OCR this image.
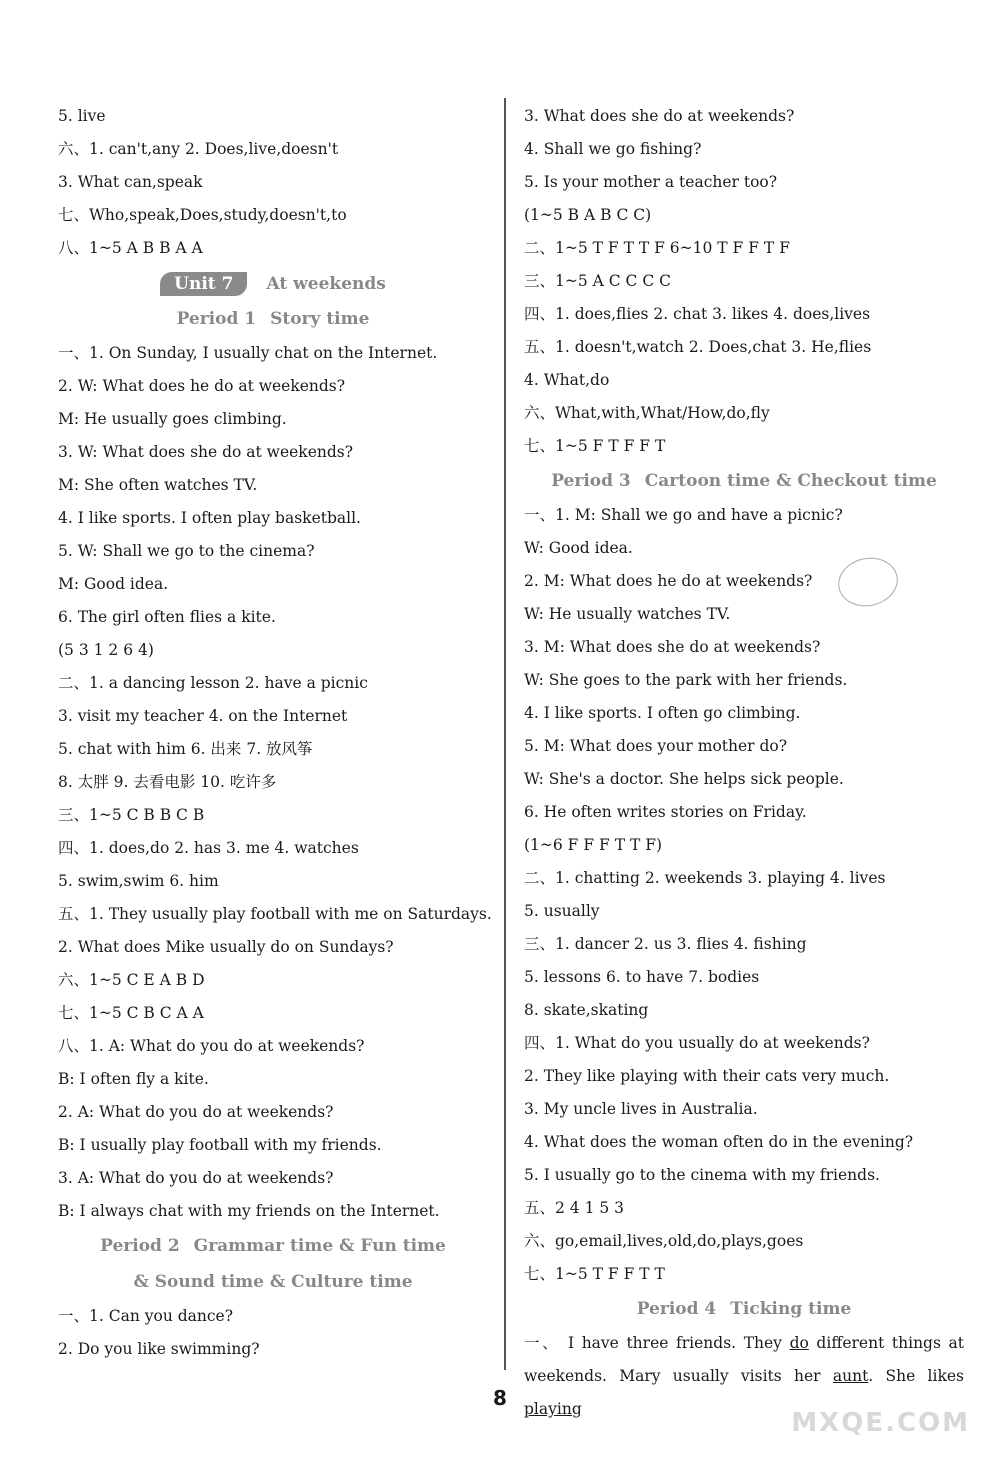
5. live
六、1. can't,any 2. Does,live,doesn't
3. What can,speak
七、Who,speak,Does,study,doesn't,to
八、1~5 A B B A A
Unit 7 At weekends
Period 1 Story time
一、1. On Sunday, I usually chat on the Internet.
2. W: What does he do at weekends?
M: He usually goes climbing.
3. W: What does she do at weekends?
M: She often watches TV.
4. I like sports. I often play basketball.
5. W: Shall we go to the cinema?
M: Good idea.
6. The girl often flies a kite.
(5 3 1 2 6 4)
二、1. a dancing lesson 2. have a picnic
3. visit my teacher 4. on the Internet
5. chat with him 6. 出来 7. 放风筝
8. 太胖 9. 去看电影 10. 吃许多
三、1~5 C B B C B
四、1. does,do 2. has 3. me 4. watches
5. swim,swim 6. him
五、1. They usually play football with me on Saturdays.
2. What does Mike usually do on Sundays?
六、1~5 C E A B D
七、1~5 C B C A A
八、1. A: What do you do at weekends?
B: I often fly a kite.
2. A: What do you do at weekends?
B: I usually play football with my friends.
3. A: What do you do at weekends?
B: I always chat with my friends on the Internet.
Period 2 Grammar time & Fun time
& Sound time & Culture time
一、1. Can you dance?
2. Do you like swimming?
3. What does she do at weekends?
4. Shall we go fishing?
5. Is your mother a teacher too?
(1~5 B A B C C)
二、1~5 T F T T F 6~10 T F F T F
三、1~5 A C C C C
四、1. does,flies 2. chat 3. likes 4. does,lives
五、1. doesn't,watch 2. Does,chat 3. He,flies
4. What,do
六、What,with,What/How,do,fly
七、1~5 F T F F T
Period 3 Cartoon time & Checkout time
一、1. M: Shall we go and have a picnic?
W: Good idea.
2. M: What does he do at weekends?
W: He usually watches TV.
3. M: What does she do at weekends?
W: She goes to the park with her friends.
4. I like sports. I often go climbing.
5. M: What does your mother do?
W: She's a doctor. She helps sick people.
6. He often writes stories on Friday.
(1~6 F F F T T F)
二、1. chatting 2. weekends 3. playing 4. lives
5. usually
三、1. dancer 2. us 3. flies 4. fishing
5. lessons 6. to have 7. bodies
8. skate,skating
四、1. What do you usually do at weekends?
2. They like playing with their cats very much.
3. My uncle lives in Australia.
4. What does the woman often do in the evening?
5. I usually go to the cinema with my friends.
五、2 4 1 5 3
六、go,email,lives,old,do,plays,goes
七、1~5 T F F T T
Period 4 Ticking time
一、 I have three friends. They do different things at weekends. Mary usually visits her aunt. She likes playing
8
MXQE.COM
